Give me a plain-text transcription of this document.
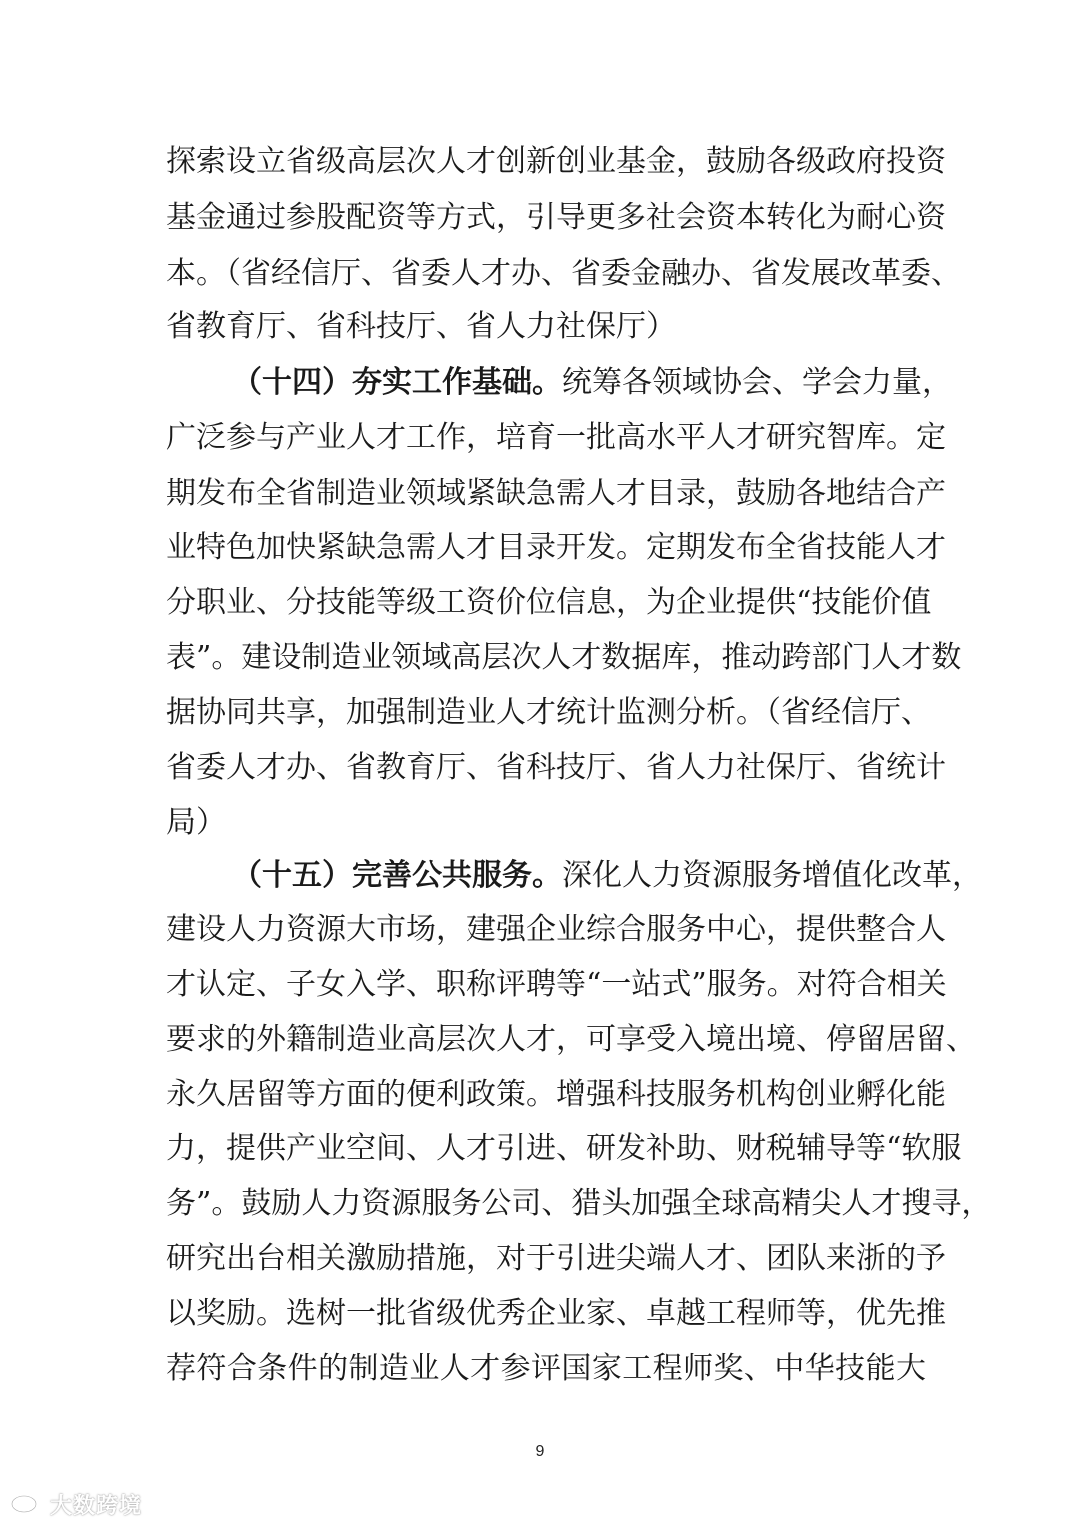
探索设立省级高层次人才创新创业基金，鼓励各级政府投资
基金通过参股配资等方式，引导更多社会资本转化为耐心资
本。（省经信厅、省委人才办、省委金融办、省发展改革委、
省教育厅、省科技厅、省人力社保厅）
（十四）夯实工作基础。统筹各领域协会、学会力量，
广泛参与产业人才工作，培育一批高水平人才研究智库。定
期发布全省制造业领域紧缺急需人才目录，鼓励各地结合产
业特色加快紧缺急需人才目录开发。定期发布全省技能人才
分职业、分技能等级工资价位信息，为企业提供“技能价值
表”。建设制造业领域高层次人才数据库，推动跨部门人才数
据协同共享，加强制造业人才统计监测分析。（省经信厅、
省委人才办、省教育厅、省科技厅、省人力社保厅、省统计
局）
（十五）完善公共服务。深化人力资源服务增值化改革，
建设人力资源大市场，建强企业综合服务中心，提供整合人
才认定、子女入学、职称评聘等“一站式”服务。对符合相关
要求的外籍制造业高层次人才，可享受入境出境、停留居留、
永久居留等方面的便利政策。增强科技服务机构创业孵化能
力，提供产业空间、人才引进、研发补助、财税辅导等“软服
务”。鼓励人力资源服务公司、猎头加强全球高精尖人才搜寻，
研究出台相关激励措施，对于引进尖端人才、团队来浙的予
以奖励。选树一批省级优秀企业家、卓越工程师等，优先推
荐符合条件的制造业人才参评国家工程师奖、中华技能大
9
大数跨境
